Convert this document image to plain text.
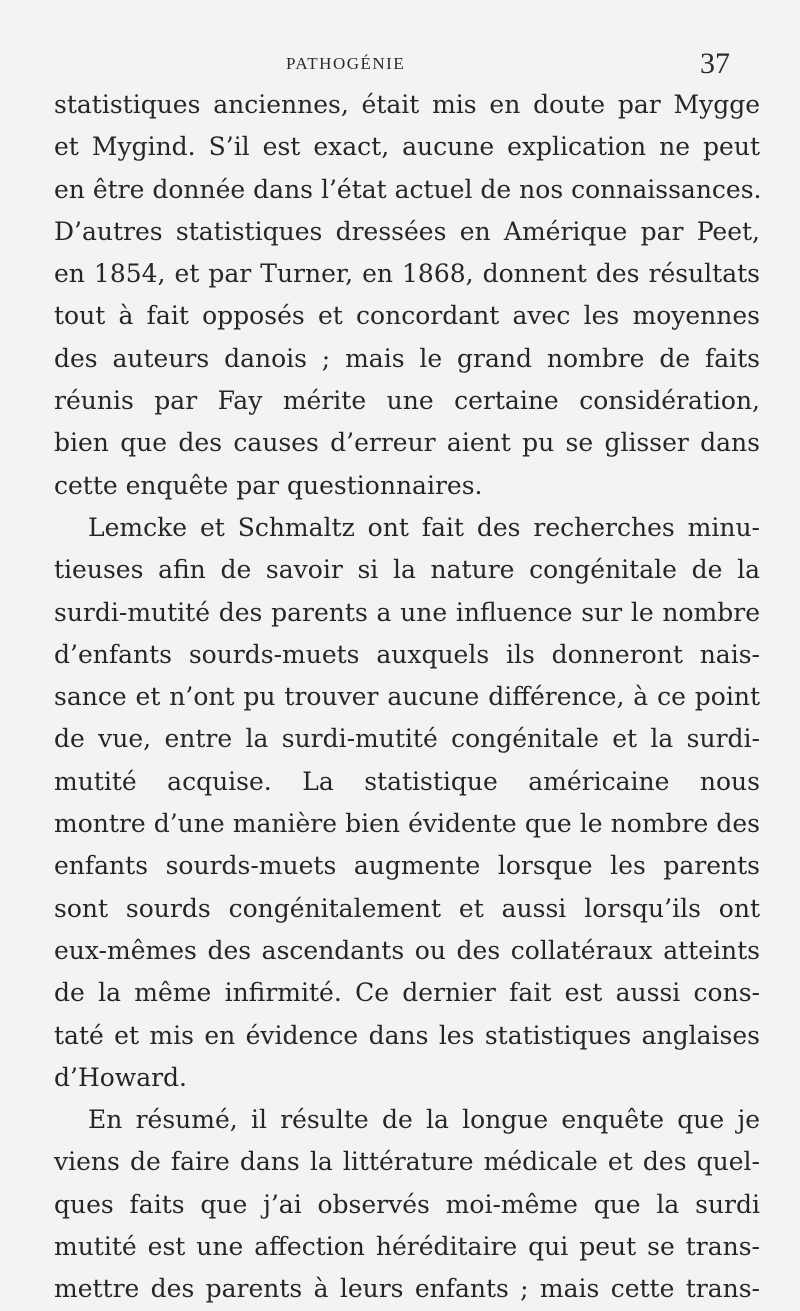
PATHOGÉNIE	37
statistiques anciennes, était mis en doute par Mygge
et Mygind. S’il est exact, aucune explication ne peut
en être donnée dans l’état actuel de nos connaissances.
D’autres statistiques dressées en Amérique par Peet,
en 1854, et par Turner, en 1868, donnent des résultats
tout à fait opposés et concordant avec les moyennes
des auteurs danois ; mais le grand nombre de faits
réunis par Fay mérite une certaine considération,
bien que des causes d’erreur aient pu se glisser dans
cette enquête par questionnaires.
Lemcke et Schmaltz ont fait des recherches minu-
tieuses afin de savoir si la nature congénitale de la
surdi-mutité des parents a une influence sur le nombre
d’enfants sourds-muets auxquels ils donneront nais-
sance et n’ont pu trouver aucune différence, à ce point
de vue, entre la surdi-mutité congénitale et la surdi-
mutité acquise. La statistique américaine nous
montre d’une manière bien évidente que le nombre des
enfants sourds-muets augmente lorsque les parents
sont sourds congénitalement et aussi lorsqu’ils ont
eux-mêmes des ascendants ou des collatéraux atteints
de la même infirmité. Ce dernier fait est aussi cons-
taté et mis en évidence dans les statistiques anglaises
d’Howard.
En résumé, il résulte de la longue enquête que je
viens de faire dans la littérature médicale et des quel-
ques faits que j’ai observés moi-même que la surdi
mutité est une affection héréditaire qui peut se trans-
mettre des parents à leurs enfants ; mais cette trans-
